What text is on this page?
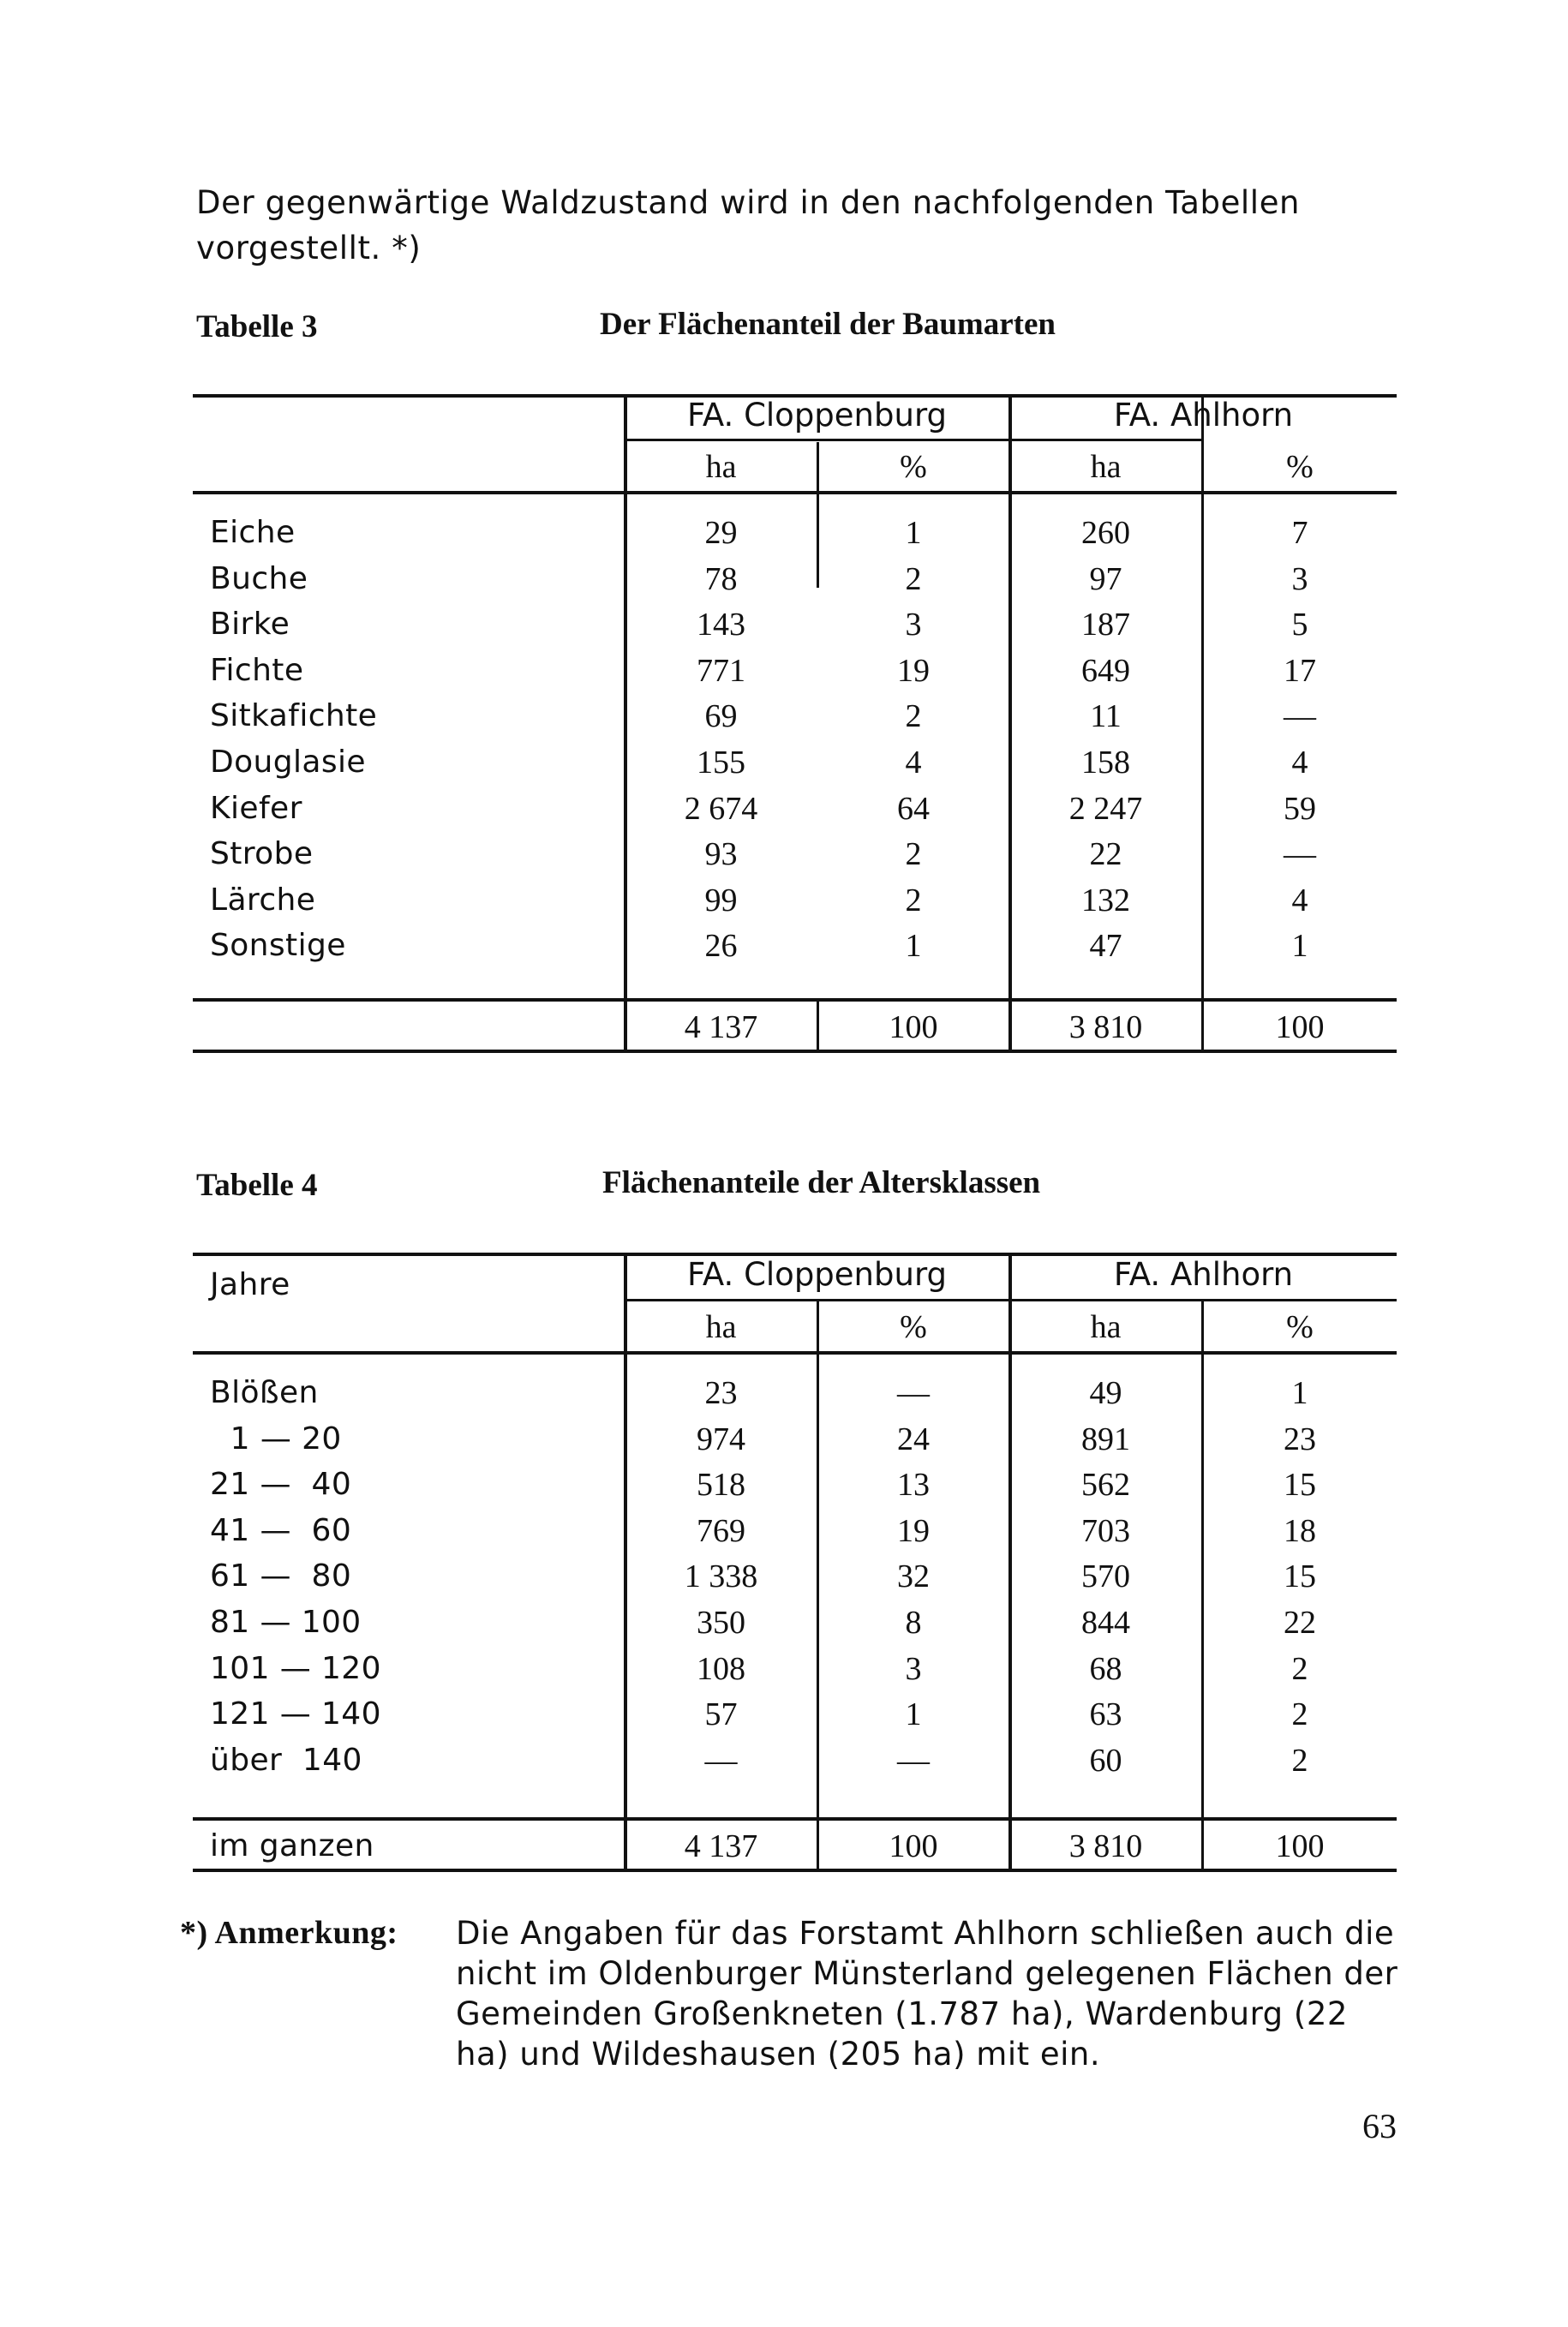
Der gegenwärtige Waldzustand wird in den nachfolgenden Tabellen vorgestellt. *)
Tabelle 3	Der Flächenanteil der Baumarten
FA. Cloppenburg	FA. Ahlhorn
ha	%	ha	%
Eiche	29	1	260	7
Buche	78	2	97	3
Birke	143	3	187	5
Fichte	771	19	649	17
Sitkafichte	69	2	11	—
Douglasie	155	4	158	4
Kiefer	2 674	64	2 247	59
Strobe	93	2	22	—
Lärche	99	2	132	4
Sonstige	26	1	47	1
4 137	100	3 810	100
Tabelle 4	Flächenanteile der Altersklassen
Jahre	FA. Cloppenburg	FA. Ahlhorn
ha	%	ha	%
Blößen	23	—	49	1
1 — 20	974	24	891	23
21 —  40	518	13	562	15
41 —  60	769	19	703	18
61 —  80	1 338	32	570	15
81 — 100	350	8	844	22
101 — 120	108	3	68	2
121 — 140	57	1	63	2
über  140	—	—	60	2
im ganzen	4 137	100	3 810	100
*) Anmerkung: Die Angaben für das Forstamt Ahlhorn schließen auch die nicht im Oldenburger Münsterland gelegenen Flächen der Gemeinden Großenkneten (1.787 ha), Wardenburg (22 ha) und Wildeshausen (205 ha) mit ein.
63
